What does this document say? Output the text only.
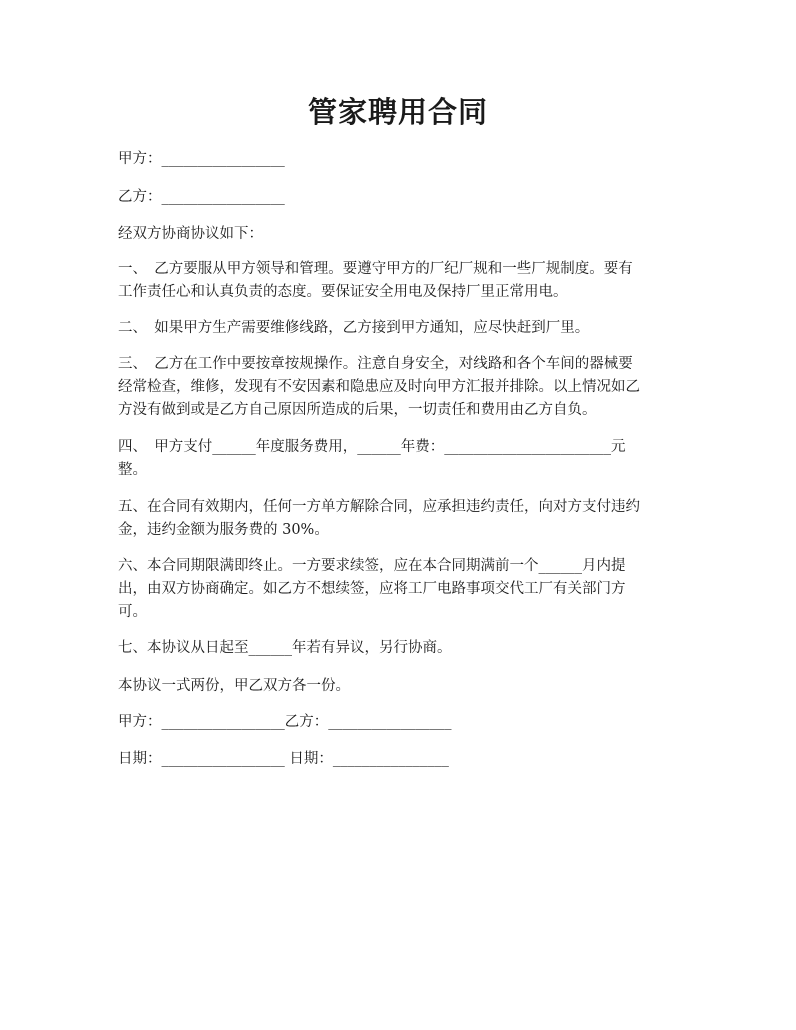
管家聘用合同
甲方：_________________
乙方：_________________
经双方协商协议如下：
一、　乙方要服从甲方领导和管理。要遵守甲方的厂纪厂规和一些厂规制度。要有
工作责任心和认真负责的态度。要保证安全用电及保持厂里正常用电。
二、　如果甲方生产需要维修线路，乙方接到甲方通知，应尽快赶到厂里。
三、　乙方在工作中要按章按规操作。注意自身安全，对线路和各个车间的器械要
经常检查，维修，发现有不安因素和隐患应及时向甲方汇报并排除。以上情况如乙
方没有做到或是乙方自己原因所造成的后果，一切责任和费用由乙方自负。
四、　甲方支付______年度服务费用，______年费：_______________________元
整。
五、在合同有效期内，任何一方单方解除合同，应承担违约责任，向对方支付违约
金，违约金额为服务费的 30%。
六、本合同期限满即终止。一方要求续签，应在本合同期满前一个______月内提
出，由双方协商确定。如乙方不想续签，应将工厂电路事项交代工厂有关部门方
可。
七、本协议从日起至______年若有异议，另行协商。
本协议一式两份，甲乙双方各一份。
甲方：_________________乙方：_________________
日期：_________________ 日期：________________
